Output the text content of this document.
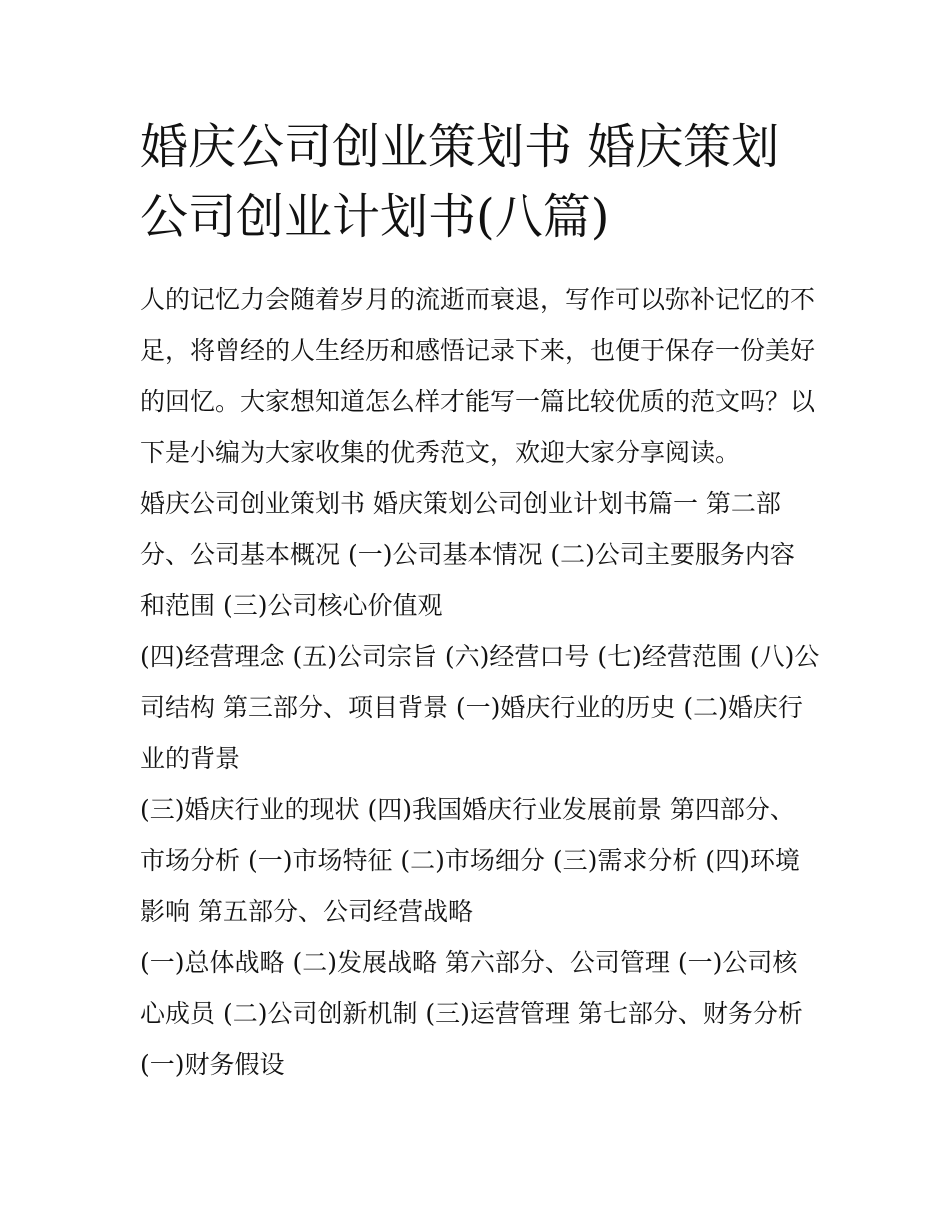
婚庆公司创业策划书 婚庆策划
公司创业计划书(八篇)
人的记忆力会随着岁月的流逝而衰退，写作可以弥补记忆的不
足，将曾经的人生经历和感悟记录下来，也便于保存一份美好
的回忆。大家想知道怎么样才能写一篇比较优质的范文吗？以
下是小编为大家收集的优秀范文，欢迎大家分享阅读。
婚庆公司创业策划书 婚庆策划公司创业计划书篇一 第二部
分、公司基本概况 (一)公司基本情况 (二)公司主要服务内容
和范围 (三)公司核心价值观
(四)经营理念 (五)公司宗旨 (六)经营口号 (七)经营范围 (八)公
司结构 第三部分、项目背景 (一)婚庆行业的历史 (二)婚庆行
业的背景
(三)婚庆行业的现状 (四)我国婚庆行业发展前景 第四部分、
市场分析 (一)市场特征 (二)市场细分 (三)需求分析 (四)环境
影响 第五部分、公司经营战略
(一)总体战略 (二)发展战略 第六部分、公司管理 (一)公司核
心成员 (二)公司创新机制 (三)运营管理 第七部分、财务分析
(一)财务假设
